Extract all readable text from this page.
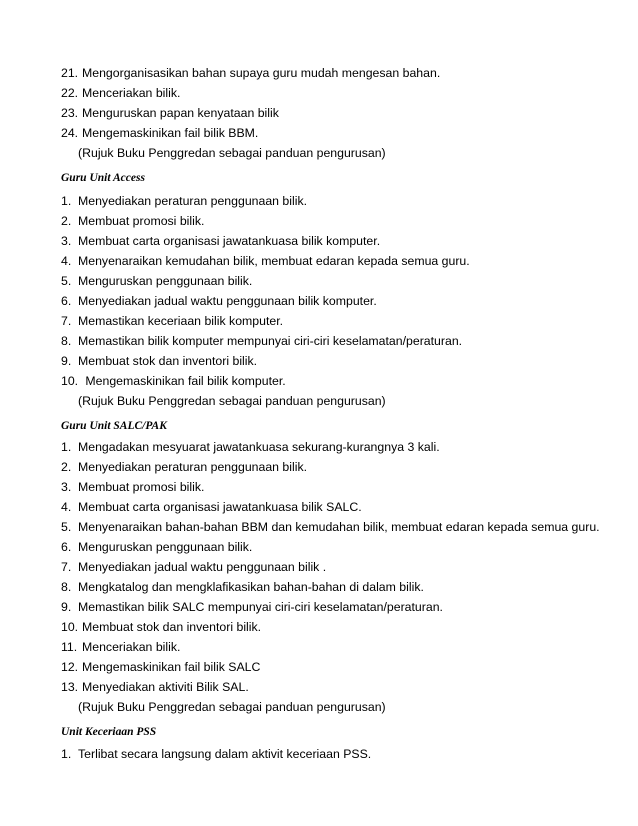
21. Mengorganisasikan bahan supaya guru mudah mengesan bahan.
22. Menceriakan bilik.
23. Menguruskan papan kenyataan bilik
24. Mengemaskinikan fail bilik BBM.
(Rujuk Buku Penggredan sebagai panduan pengurusan)
Guru Unit Access
1. Menyediakan peraturan penggunaan bilik.
2. Membuat promosi bilik.
3. Membuat carta organisasi jawatankuasa bilik komputer.
4. Menyenaraikan kemudahan bilik, membuat edaran kepada semua guru.
5. Menguruskan penggunaan bilik.
6. Menyediakan jadual waktu penggunaan bilik komputer.
7. Memastikan keceriaan bilik komputer.
8. Memastikan bilik komputer mempunyai ciri-ciri keselamatan/peraturan.
9. Membuat stok dan inventori bilik.
10. Mengemaskinikan fail bilik komputer.
(Rujuk Buku Penggredan sebagai panduan pengurusan)
Guru Unit SALC/PAK
1. Mengadakan mesyuarat jawatankuasa sekurang-kurangnya 3 kali.
2. Menyediakan peraturan penggunaan bilik.
3. Membuat promosi bilik.
4. Membuat carta organisasi jawatankuasa bilik SALC.
5. Menyenaraikan bahan-bahan BBM dan kemudahan bilik, membuat edaran kepada semua guru.
6. Menguruskan penggunaan bilik.
7. Menyediakan jadual waktu penggunaan bilik .
8. Mengkatalog dan mengklafikasikan bahan-bahan di dalam bilik.
9. Memastikan bilik SALC mempunyai ciri-ciri keselamatan/peraturan.
10. Membuat stok dan inventori bilik.
11. Menceriakan bilik.
12. Mengemaskinikan fail bilik SALC
13. Menyediakan aktiviti Bilik SAL.
(Rujuk Buku Penggredan sebagai panduan pengurusan)
Unit Keceriaan PSS
1. Terlibat secara langsung dalam aktivit keceriaan PSS.
